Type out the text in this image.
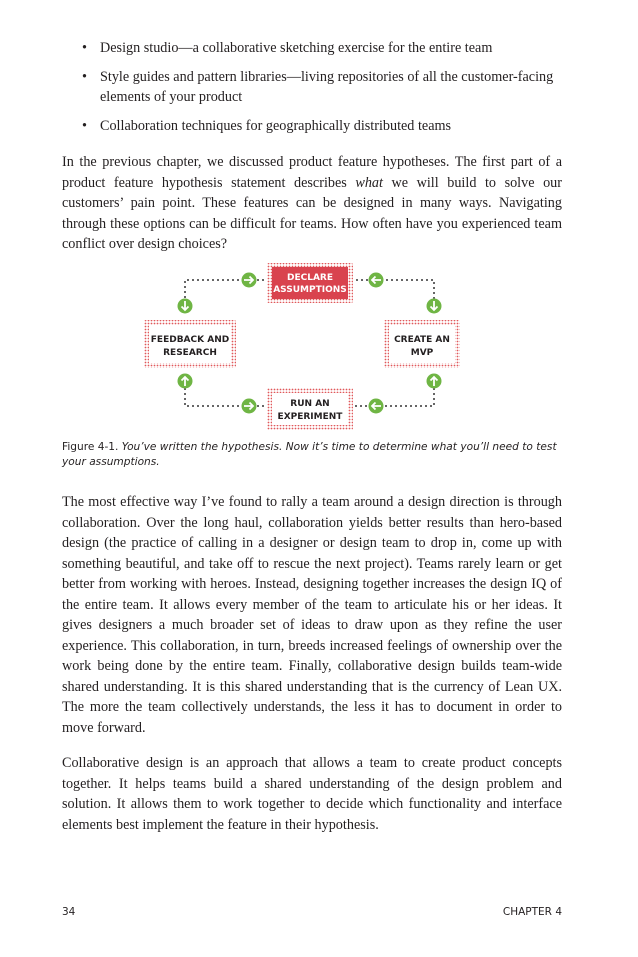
• Design studio—a collaborative sketching exercise for the entire team
• Style guides and pattern libraries—living repositories of all the customer-facing elements of your product
• Collaboration techniques for geographically distributed teams

In the previous chapter, we discussed product feature hypotheses. The first part of a product feature hypothesis statement describes what we will build to solve our customers’ pain point. These features can be designed in many ways. Navigating through these options can be difficult for teams. How often have you experienced team conflict over design choices?

DECLARE
ASSUMPTIONS
FEEDBACK AND
RESEARCH
CREATE AN
MVP
RUN AN
EXPERIMENT
Figure 4-1. You’ve written the hypothesis. Now it’s time to determine what you’ll need to test your assumptions.

The most effective way I’ve found to rally a team around a design direction is through collaboration. Over the long haul, collaboration yields better results than hero-based design (the practice of calling in a designer or design team to drop in, come up with something beautiful, and take off to rescue the next project). Teams rarely learn or get better from working with heroes. Instead, designing together increases the design IQ of the entire team. It allows every member of the team to articulate his or her ideas. It gives designers a much broader set of ideas to draw upon as they refine the user experience. This collaboration, in turn, breeds increased feelings of ownership over the work being done by the entire team. Finally, collaborative design builds team-wide shared understanding. It is this shared understanding that is the currency of Lean UX. The more the team collectively understands, the less it has to document in order to move forward.

Collaborative design is an approach that allows a team to create product concepts together. It helps teams build a shared understanding of the design problem and solution. It allows them to work together to decide which functionality and interface elements best implement the feature in their hypothesis.

34	CHAPTER 4
